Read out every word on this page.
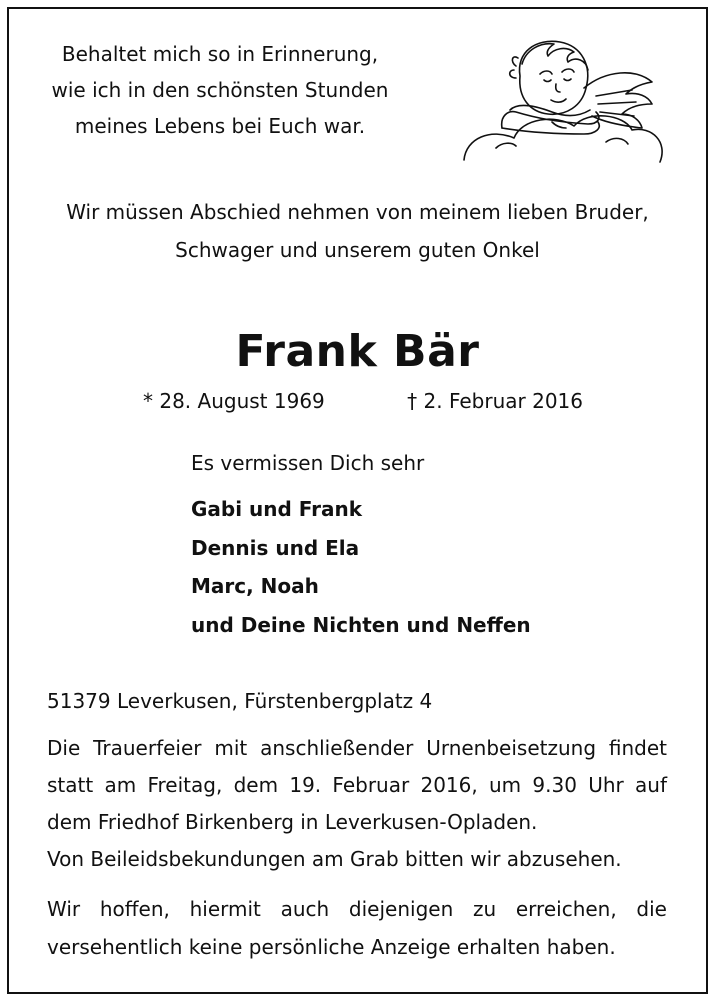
Behaltet mich so in Erinnerung,
wie ich in den schönsten Stunden
meines Lebens bei Euch war.
Wir müssen Abschied nehmen von meinem lieben Bruder,
Schwager und unserem guten Onkel
Frank Bär
* 28. August 1969	† 2. Februar 2016
Es vermissen Dich sehr
Gabi und Frank
Dennis und Ela
Marc, Noah
und Deine Nichten und Neffen
51379 Leverkusen, Fürstenbergplatz 4
Die Trauerfeier mit anschließender Urnenbeisetzung findet
statt am Freitag, dem 19. Februar 2016, um 9.30 Uhr auf
dem Friedhof Birkenberg in Leverkusen-Opladen.
Von Beileidsbekundungen am Grab bitten wir abzusehen.
Wir hoffen, hiermit auch diejenigen zu erreichen, die
versehentlich keine persönliche Anzeige erhalten haben.
